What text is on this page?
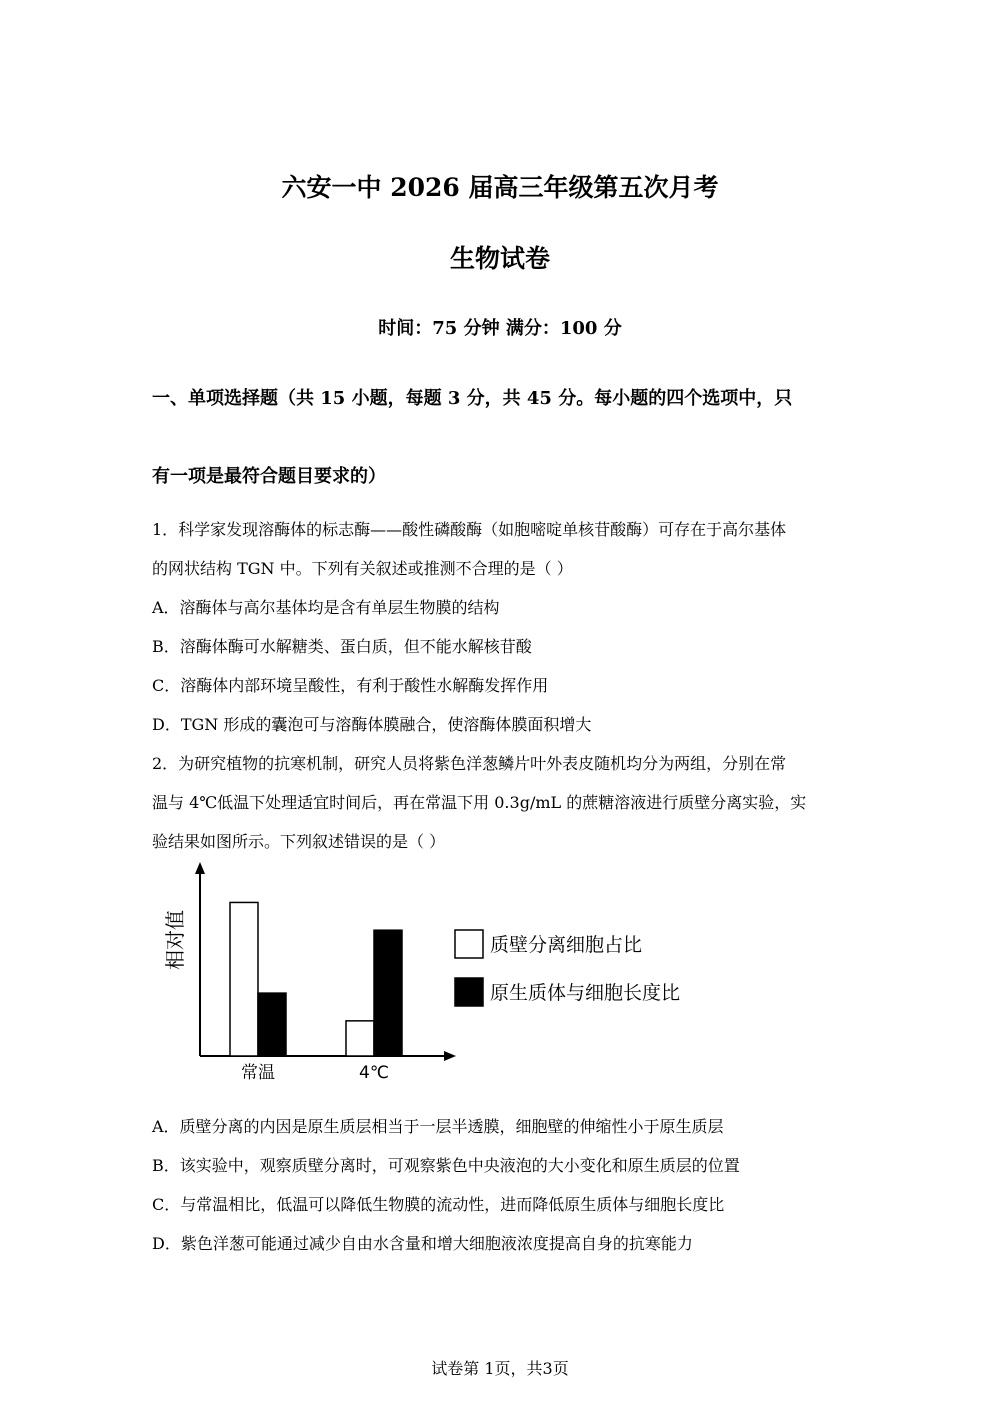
六安一中 2026 届高三年级第五次月考
生物试卷
时间：75 分钟 满分：100 分
一、单项选择题（共 15 小题，每题 3 分，共 45 分。每小题的四个选项中，只
有一项是最符合题目要求的）
1．科学家发现溶酶体的标志酶——酸性磷酸酶（如胞嘧啶单核苷酸酶）可存在于高尔基体
的网状结构 TGN 中。下列有关叙述或推测不合理的是（ ）
A．溶酶体与高尔基体均是含有单层生物膜的结构
B．溶酶体酶可水解糖类、蛋白质，但不能水解核苷酸
C．溶酶体内部环境呈酸性，有利于酸性水解酶发挥作用
D．TGN 形成的囊泡可与溶酶体膜融合，使溶酶体膜面积增大
2．为研究植物的抗寒机制，研究人员将紫色洋葱鳞片叶外表皮随机均分为两组，分别在常
温与 4℃低温下处理适宜时间后，再在常温下用 0.3g/mL 的蔗糖溶液进行质壁分离实验，实
验结果如图所示。下列叙述错误的是（ ）
相对值
常温	4℃
质壁分离细胞占比
原生质体与细胞长度比
A．质壁分离的内因是原生质层相当于一层半透膜，细胞壁的伸缩性小于原生质层
B．该实验中，观察质壁分离时，可观察紫色中央液泡的大小变化和原生质层的位置
C．与常温相比，低温可以降低生物膜的流动性，进而降低原生质体与细胞长度比
D．紫色洋葱可能通过减少自由水含量和增大细胞液浓度提高自身的抗寒能力
试卷第 1页，共3页
